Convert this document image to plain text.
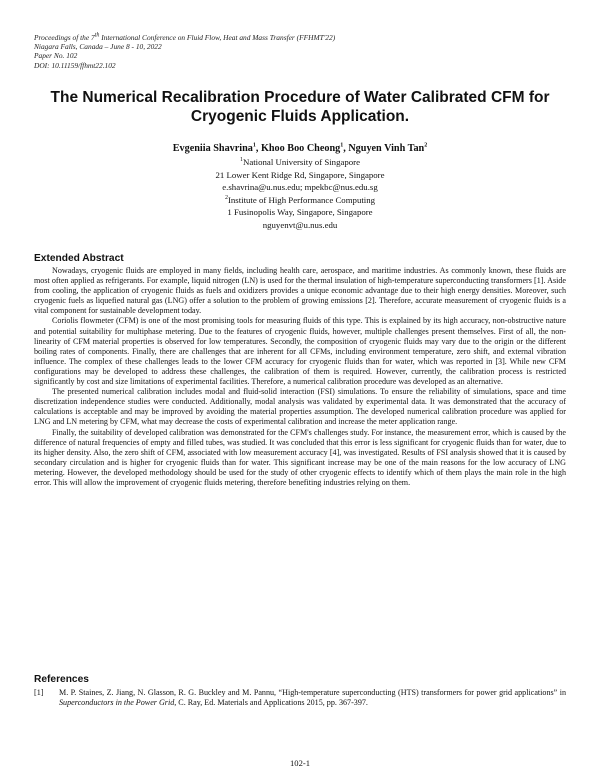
Proceedings of the 7th International Conference on Fluid Flow, Heat and Mass Transfer (FFHMT'22)
Niagara Falls, Canada – June 8 - 10, 2022
Paper No. 102
DOI: 10.11159/ffhmt22.102
The Numerical Recalibration Procedure of Water Calibrated CFM for Cryogenic Fluids Application.
Evgeniia Shavrina$^1$, Khoo Boo Cheong$^1$, Nguyen Vinh Tan$^2$
$^1$National University of Singapore
21 Lower Kent Ridge Rd, Singapore, Singapore
e.shavrina@u.nus.edu; mpekbc@nus.edu.sg
$^2$Institute of High Performance Computing
1 Fusinopolis Way, Singapore, Singapore
nguyenvt@u.nus.edu
Extended Abstract

Nowadays, cryogenic fluids are employed in many fields, including health care, aerospace, and maritime industries. As commonly known, these fluids are most often applied as refrigerants. For example, liquid nitrogen (LN) is used for the thermal insulation of high-temperature superconducting transformers [1]. Aside from cooling, the application of cryogenic fluids as fuels and oxidizers provides a unique economic advantage due to their high energy densities. Moreover, such cryogenic fuels as liquefied natural gas (LNG) offer a solution to the problem of growing emissions [2]. Therefore, accurate measurement of cryogenic fluids is a vital component for sustainable development today.

Coriolis flowmeter (CFM) is one of the most promising tools for measuring fluids of this type. This is explained by its high accuracy, non-obstructive nature and potential suitability for multiphase metering. Due to the features of cryogenic fluids, however, multiple challenges present themselves. First of all, the non-linearity of CFM material properties is observed for low temperatures. Secondly, the composition of cryogenic fluids may vary due to the origin or the different boiling rates of components. Finally, there are challenges that are inherent for all CFMs, including environment temperature, zero shift, and external vibration influence. The complex of these challenges leads to the lower CFM accuracy for cryogenic fluids than for water, which was reported in [3]. While new CFM configurations may be developed to address these challenges, the calibration of them is required. However, currently, the calibration process is restricted significantly by cost and size limitations of experimental facilities. Therefore, a numerical calibration procedure was developed as an alternative.

The presented numerical calibration includes modal and fluid-solid interaction (FSI) simulations. To ensure the reliability of simulations, space and time discretization independence studies were conducted. Additionally, modal analysis was validated by experimental data. It was demonstrated that the accuracy of calculations is acceptable and may be improved by avoiding the material properties assumption. The developed numerical calibration procedure was applied for LNG and LN metering by CFM, what may decrease the costs of experimental calibration and increase the meter application range.

Finally, the suitability of developed calibration was demonstrated for the CFM's challenges study. For instance, the measurement error, which is caused by the difference of natural frequencies of empty and filled tubes, was studied. It was concluded that this error is less significant for cryogenic fluids than for water, due to its higher density. Also, the zero shift of CFM, associated with low measurement accuracy [4], was investigated. Results of FSI analysis showed that it is caused by secondary circulation and is higher for cryogenic fluids than for water. This significant increase may be one of the main reasons for the low accuracy of LNG metering. However, the developed methodology should be used for the study of other cryogenic effects to identify which of them plays the main role in the high error. This will allow the improvement of cryogenic fluids metering, therefore benefiting industries relying on them.

References
[1]	M. P. Staines, Z. Jiang, N. Glasson, R. G. Buckley and M. Pannu, “High-temperature superconducting (HTS) transformers for power grid applications” in Superconductors in the Power Grid, C. Ray, Ed. Materials and Applications 2015, pp. 367-397.
102-1
